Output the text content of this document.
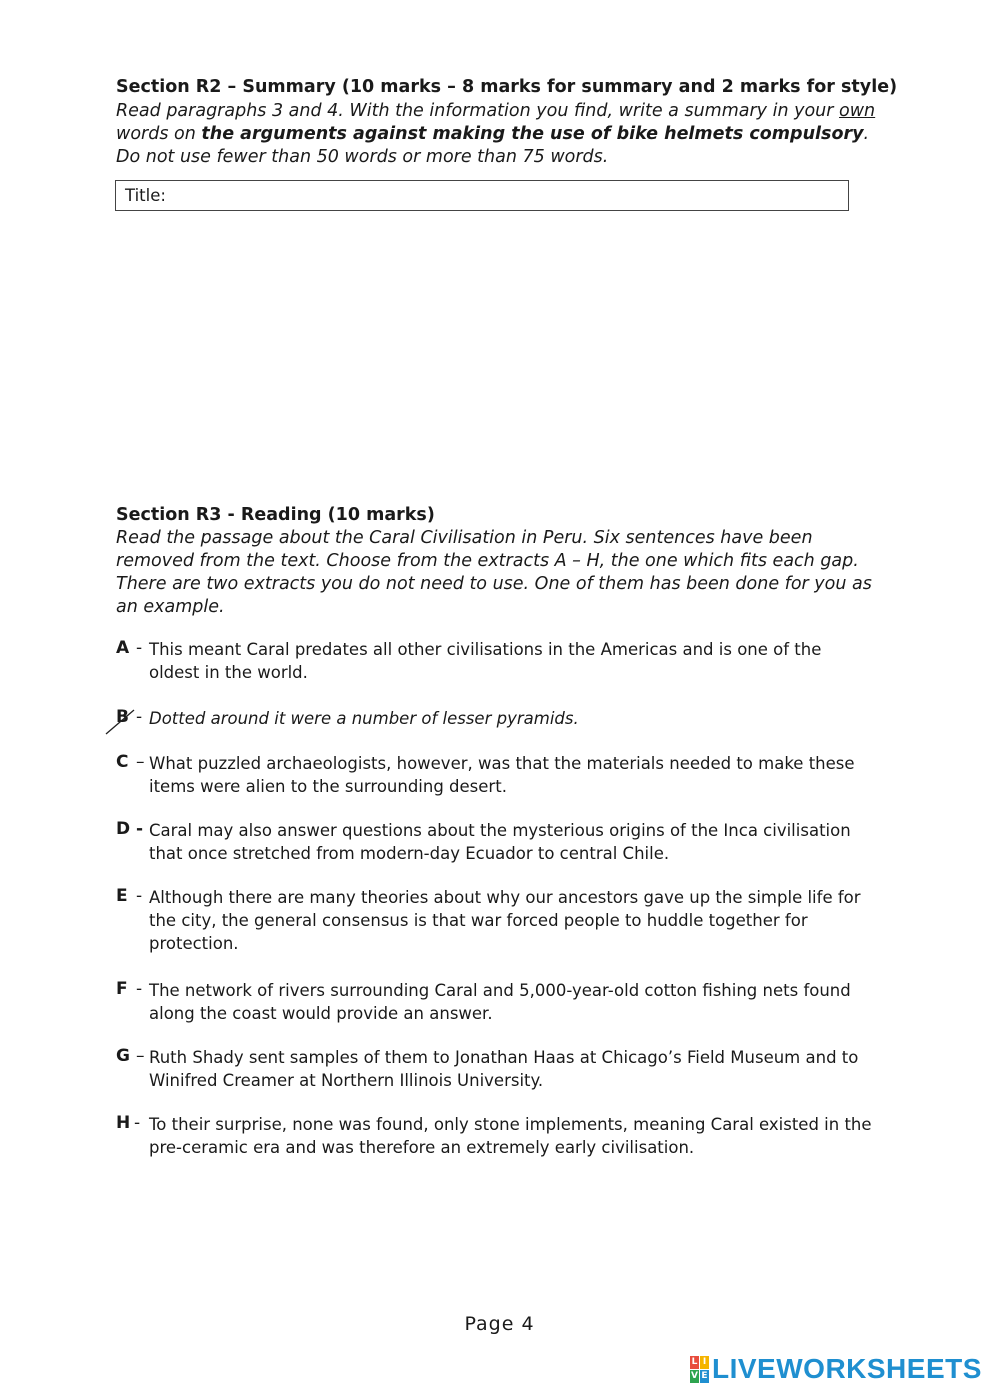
Section R2 – Summary (10 marks – 8 marks for summary and 2 marks for style)
Read paragraphs 3 and 4. With the information you find, write a summary in your own words on the arguments against making the use of bike helmets compulsory. Do not use fewer than 50 words or more than 75 words.
Title:
Section R3 - Reading (10 marks)
Read the passage about the Caral Civilisation in Peru. Six sentences have been removed from the text. Choose from the extracts A – H, the one which fits each gap. There are two extracts you do not need to use. One of them has been done for you as an example.
A - This meant Caral predates all other civilisations in the Americas and is one of the oldest in the world.
B - Dotted around it were a number of lesser pyramids.
C – What puzzled archaeologists, however, was that the materials needed to make these items were alien to the surrounding desert.
D - Caral may also answer questions about the mysterious origins of the Inca civilisation that once stretched from modern-day Ecuador to central Chile.
E - Although there are many theories about why our ancestors gave up the simple life for the city, the general consensus is that war forced people to huddle together for protection.
F - The network of rivers surrounding Caral and 5,000-year-old cotton fishing nets found along the coast would provide an answer.
G – Ruth Shady sent samples of them to Jonathan Haas at Chicago’s Field Museum and to Winifred Creamer at Northern Illinois University.
H - To their surprise, none was found, only stone implements, meaning Caral existed in the pre-ceramic era and was therefore an extremely early civilisation.
Page 4
L I
V E LIVEWORKSHEETS
